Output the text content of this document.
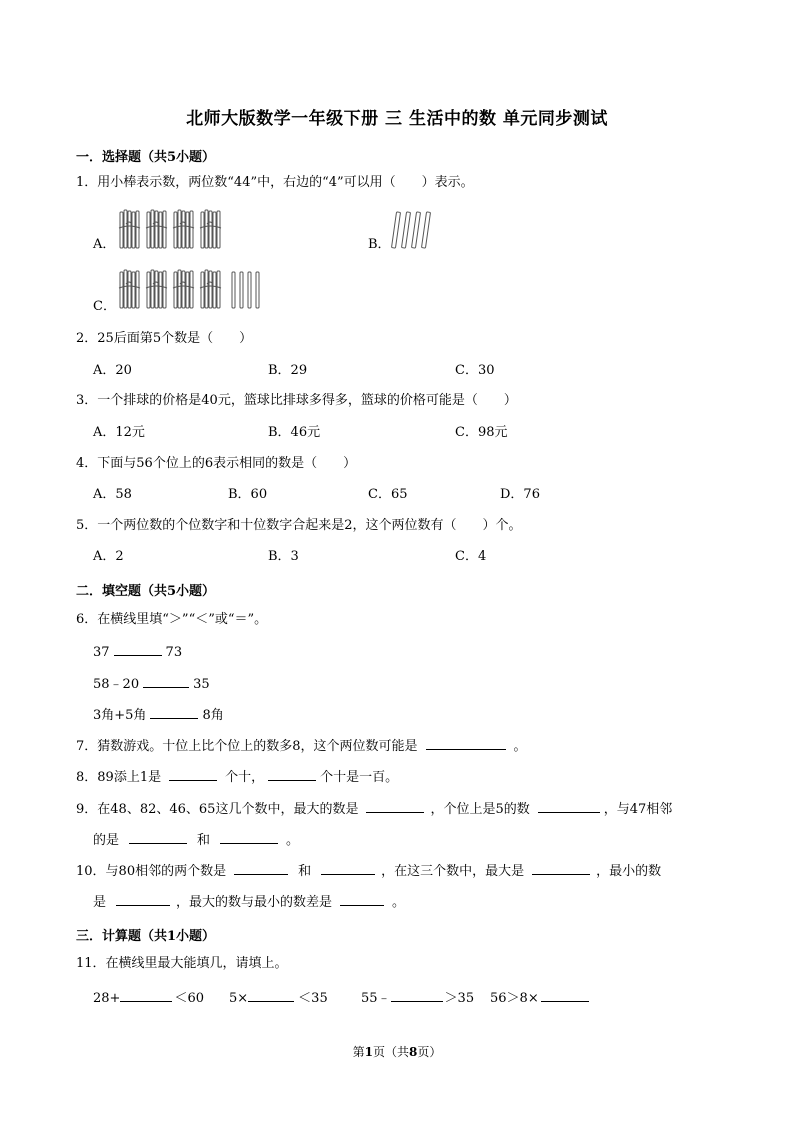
北师大版数学一年级下册 三 生活中的数 单元同步测试
一．选择题（共5小题）
1．用小棒表示数，两位数“44”中，右边的“4”可以用（　　）表示。
A．	B．
C．
2．25后面第5个数是（　　）
A．20	B．29	C．30
3．一个排球的价格是40元，篮球比排球多得多，篮球的价格可能是（　　）
A．12元	B．46元	C．98元
4．下面与56个位上的6表示相同的数是（　　）
A．58	B．60	C．65	D．76
5．一个两位数的个位数字和十位数字合起来是2，这个两位数有（　　）个。
A．2	B．3	C．4
二．填空题（共5小题）
6．在横线里填“＞”“＜”或“＝”。
37	73
58﹣20	35
3角+5角	8角
7．猜数游戏。十位上比个位上的数多8，这个两位数可能是	。
8．89添上1是	个十，	个十是一百。
9．在48、82、46、65这几个数中，最大的数是	，个位上是5的数	，与47相邻
的是	和	。
10．与80相邻的两个数是	和	，在这三个数中，最大是	，最小的数
是	，最大的数与最小的数差是	。
三．计算题（共1小题）
11．在横线里最大能填几，请填上。
28+	＜60 5×	＜35	55﹣	＞35 56＞8×
第1页（共8页）
